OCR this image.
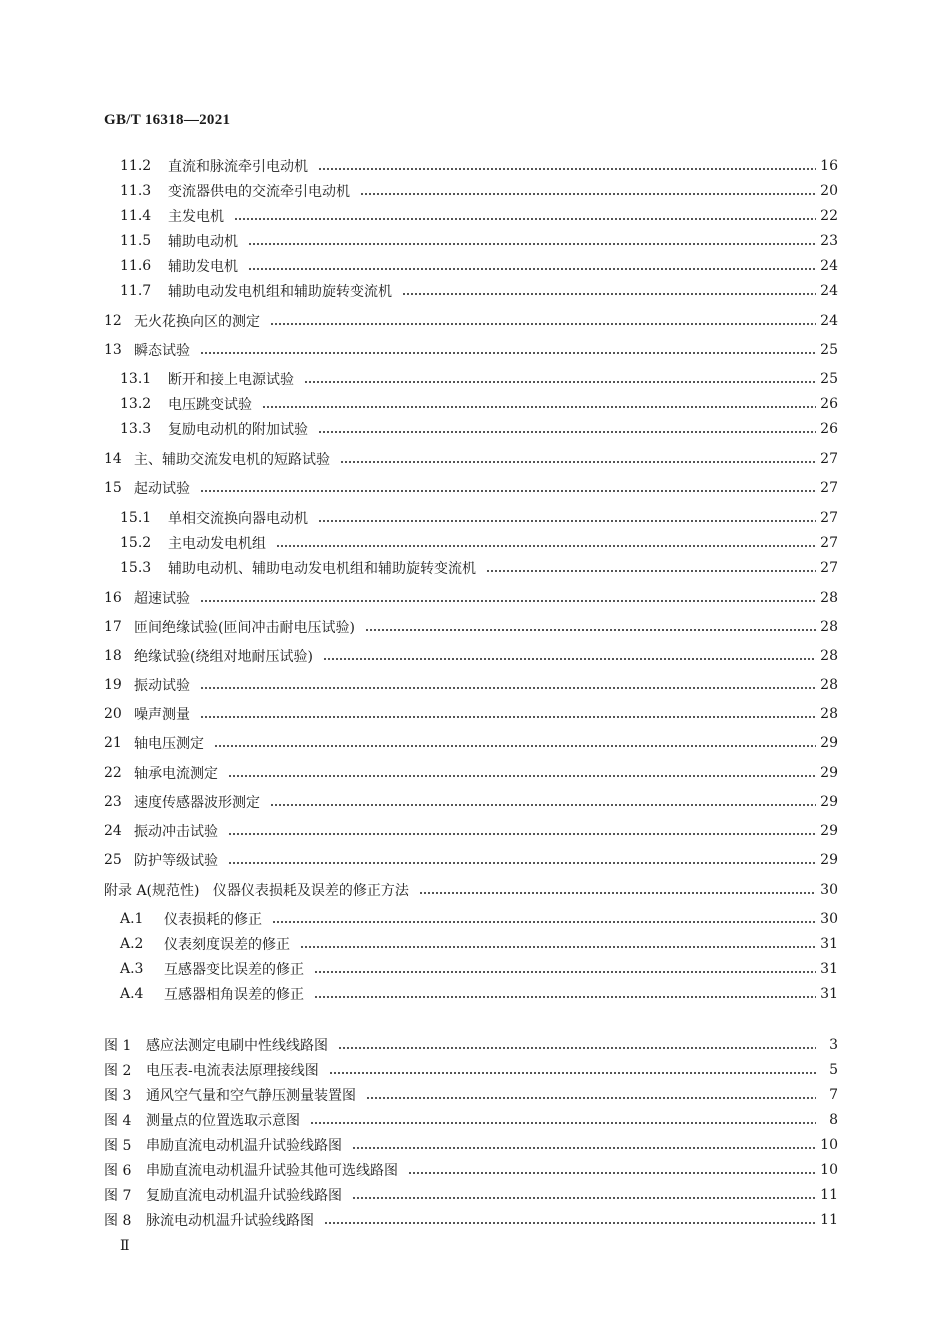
GB/T 16318—2021
11.2	直流和脉流牵引电动机	16
11.3	变流器供电的交流牵引电动机	20
11.4	主发电机	22
11.5	辅助电动机	23
11.6	辅助发电机	24
11.7	辅助电动发电机组和辅助旋转变流机	24
12 无火花换向区的测定	24
13 瞬态试验	25
13.1	断开和接上电源试验	25
13.2	电压跳变试验	26
13.3	复励电动机的附加试验	26
14 主、辅助交流发电机的短路试验	27
15 起动试验	27
15.1	单相交流换向器电动机	27
15.2	主电动发电机组	27
15.3	辅助电动机、辅助电动发电机组和辅助旋转变流机	27
16 超速试验	28
17 匝间绝缘试验(匝间冲击耐电压试验)	28
18 绝缘试验(绕组对地耐压试验)	28
19 振动试验	28
20 噪声测量	28
21 轴电压测定	29
22 轴承电流测定	29
23 速度传感器波形测定	29
24 振动冲击试验	29
25 防护等级试验	29
附录 A(规范性)   仪器仪表损耗及误差的修正方法	30
A.1	仪表损耗的修正	30
A.2	仪表刻度误差的修正	31
A.3	互感器变比误差的修正	31
A.4	互感器相角误差的修正	31
图 1	感应法测定电刷中性线线路图	3
图 2	电压表-电流表法原理接线图	5
图 3	通风空气量和空气静压测量装置图	7
图 4	测量点的位置选取示意图	8
图 5	串励直流电动机温升试验线路图	10
图 6	串励直流电动机温升试验其他可选线路图	10
图 7	复励直流电动机温升试验线路图	11
图 8	脉流电动机温升试验线路图	11
Ⅱ
